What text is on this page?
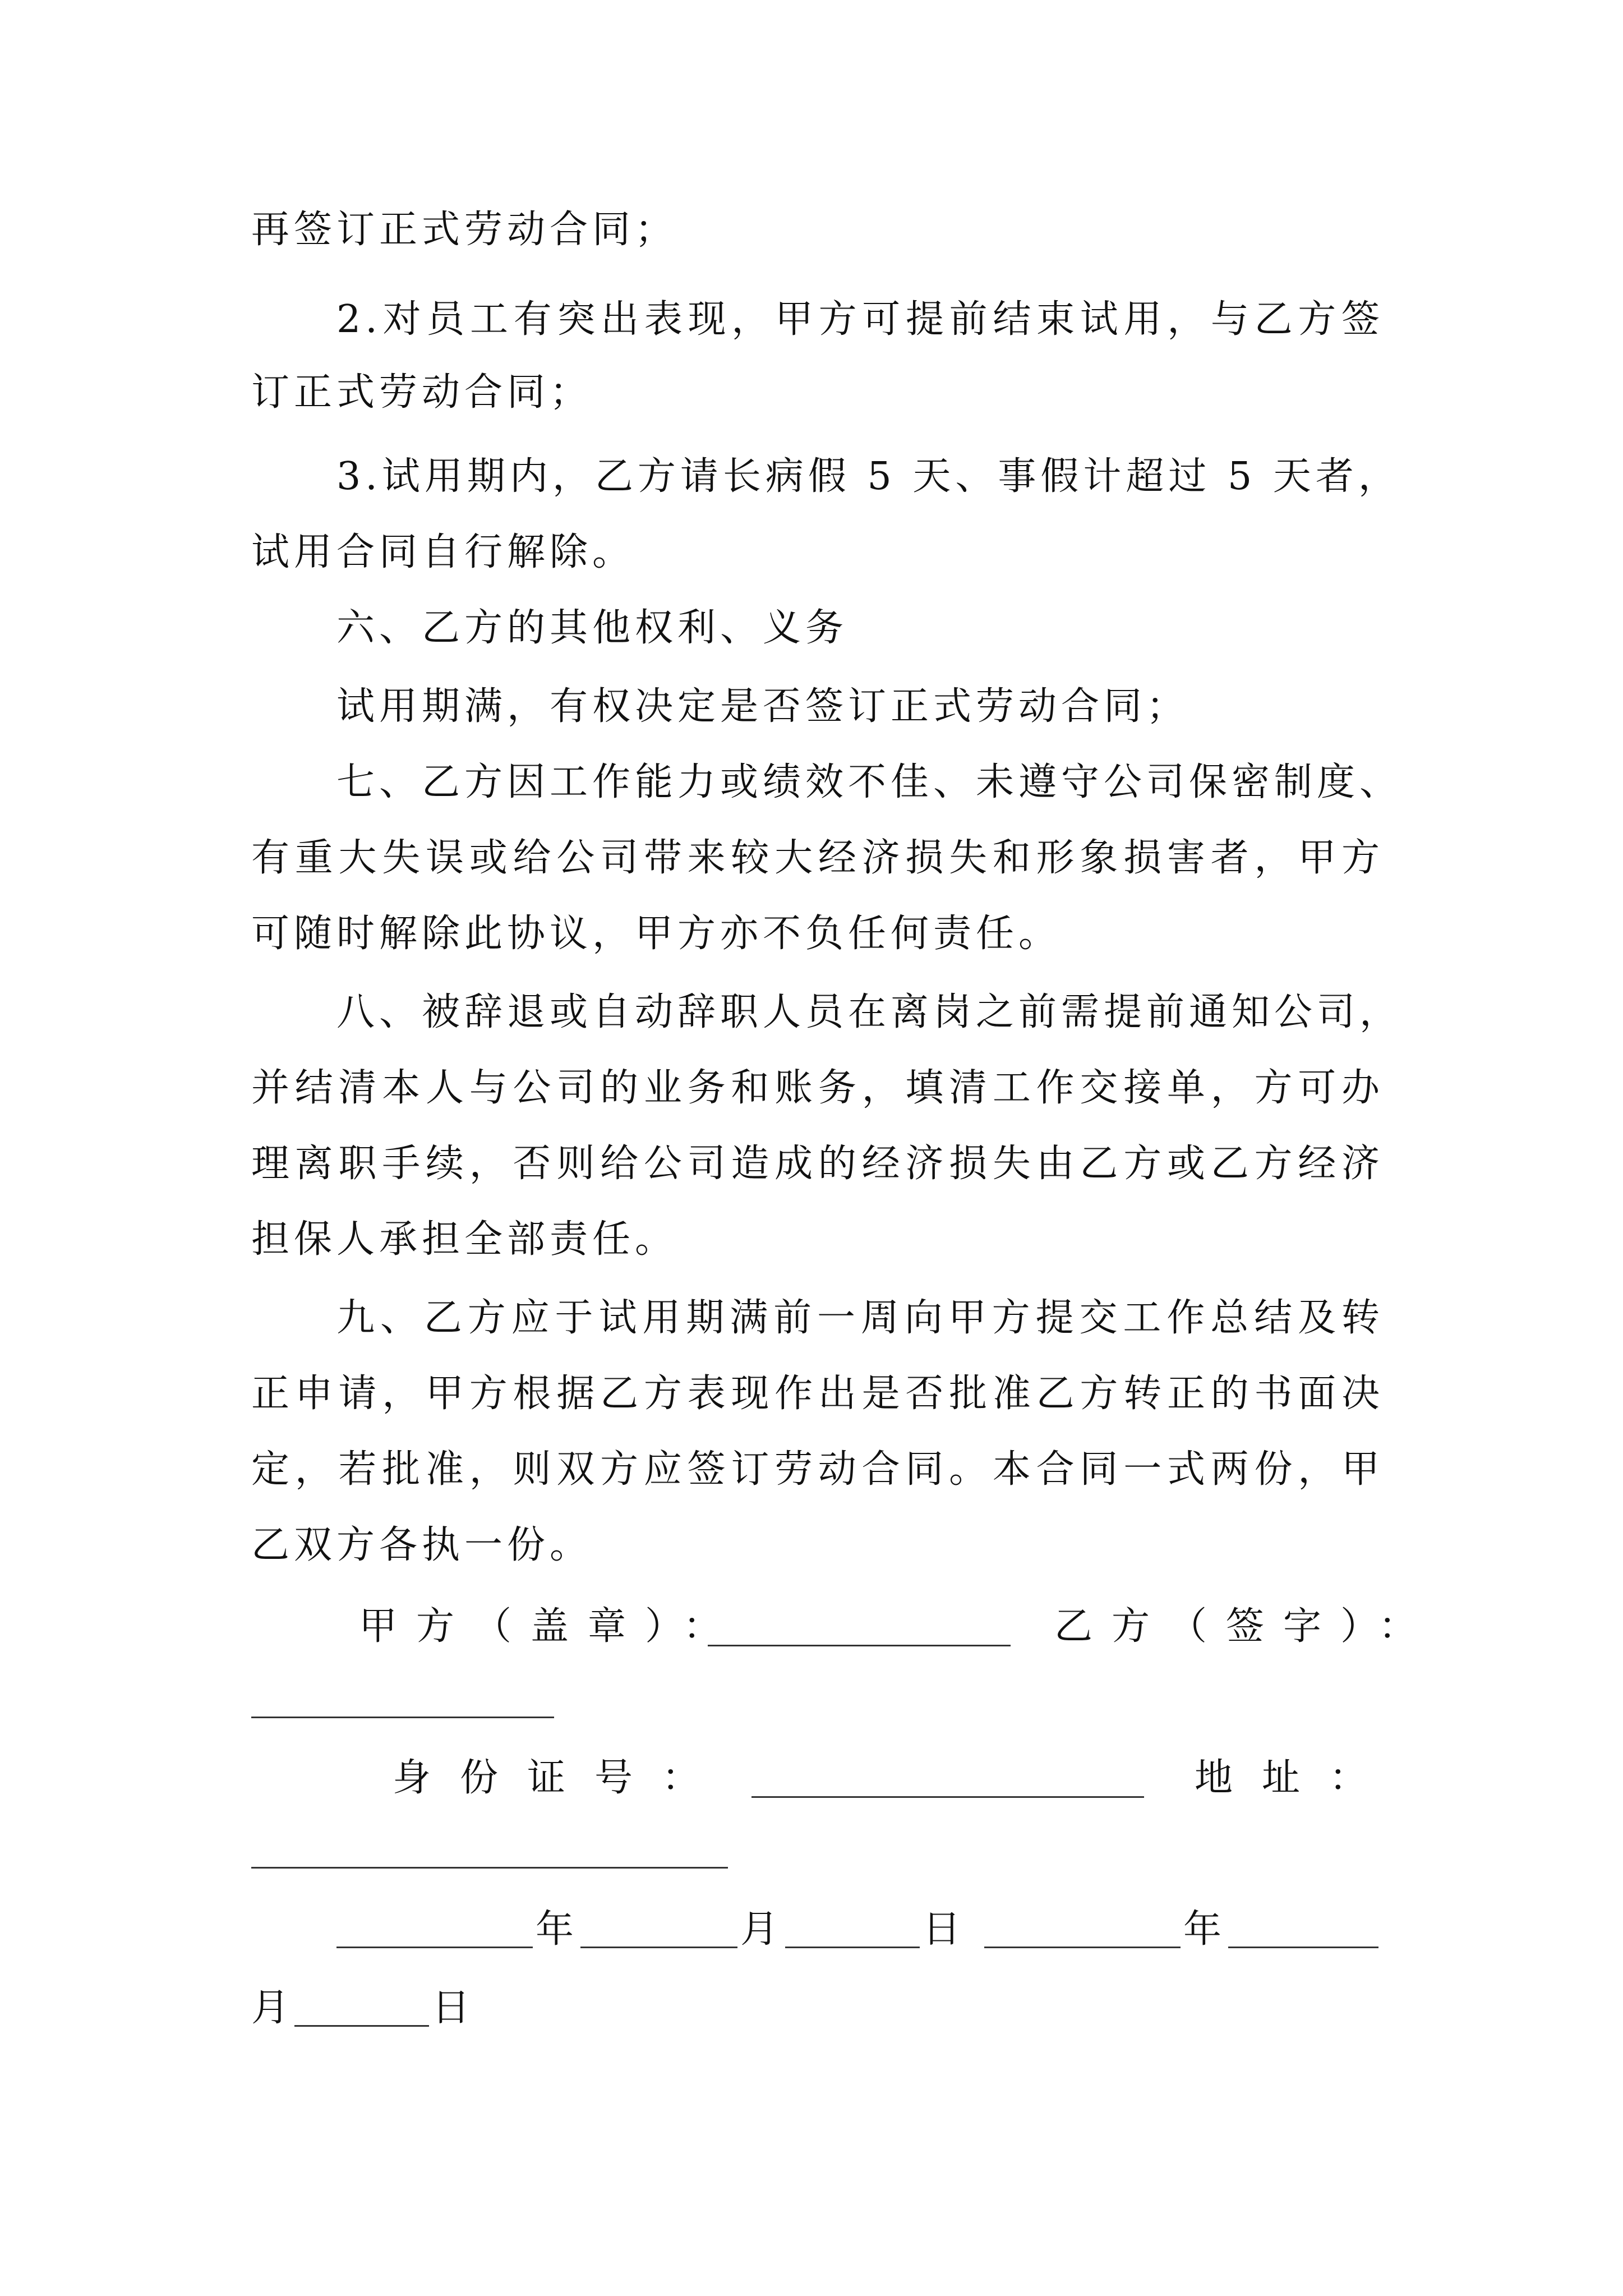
再签订正式劳动合同；
2.对员工有突出表现，甲方可提前结束试用，与乙方签
订正式劳动合同；
3.试用期内，乙方请长病假 5 天、事假计超过 5 天者，
试用合同自行解除。
六、乙方的其他权利、义务
试用期满，有权决定是否签订正式劳动合同；
七、乙方因工作能力或绩效不佳、未遵守公司保密制度、
有重大失误或给公司带来较大经济损失和形象损害者，甲方
可随时解除此协议，甲方亦不负任何责任。
八、被辞退或自动辞职人员在离岗之前需提前通知公司，
并结清本人与公司的业务和账务，填清工作交接单，方可办
理离职手续，否则给公司造成的经济损失由乙方或乙方经济
担保人承担全部责任。
九、乙方应于试用期满前一周向甲方提交工作总结及转
正申请，甲方根据乙方表现作出是否批准乙方转正的书面决
定，若批准，则双方应签订劳动合同。本合同一式两份，甲
乙双方各执一份。
甲方（盖章）：	乙方（签字）：
身份证号：	地址：
年	月	日	年
月	日
